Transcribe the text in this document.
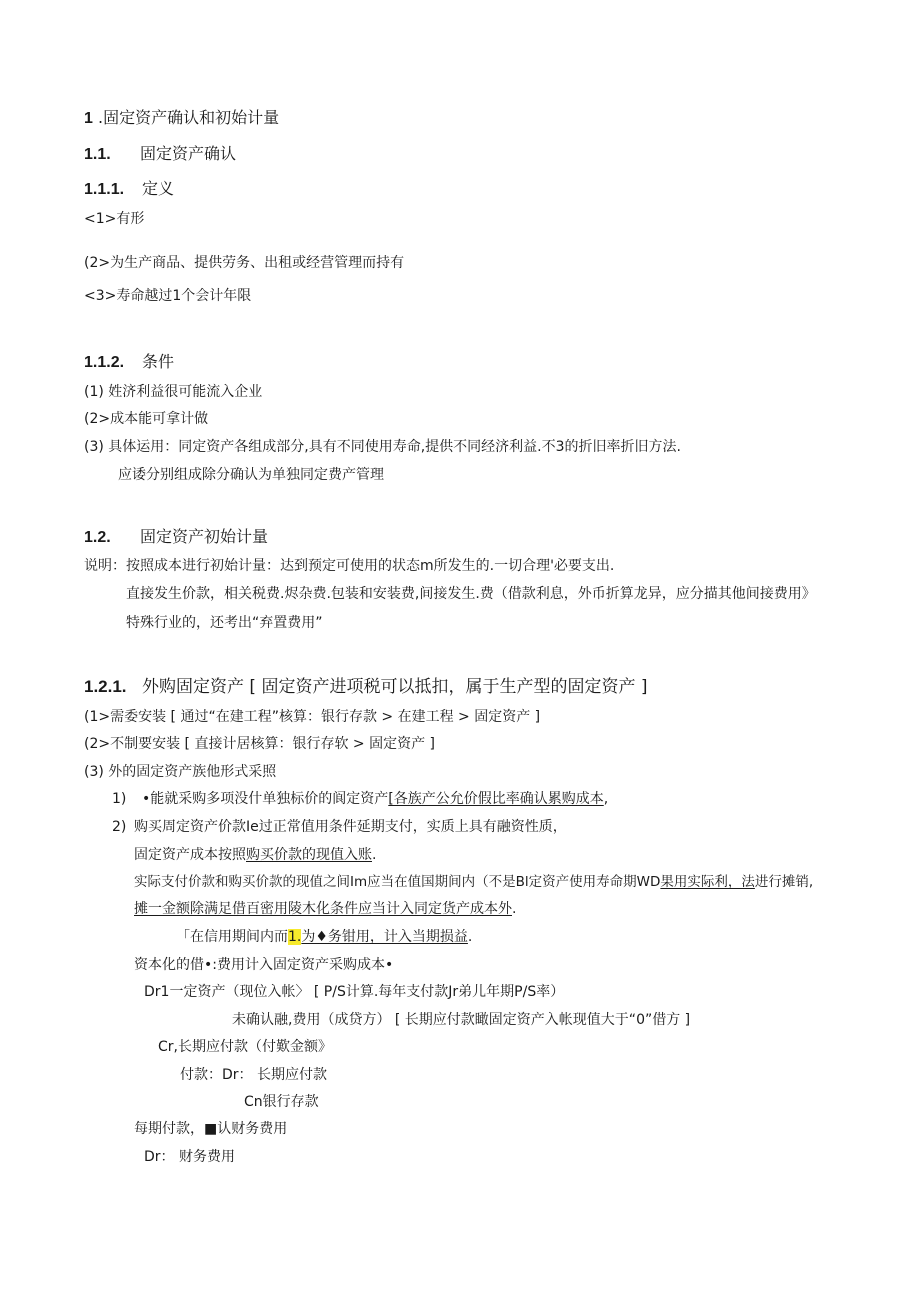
1 .固定资产确认和初始计量
1.1. 固定资产确认
1.1.1. 定义
<1>有形
(2>为生产商品、提供劳务、出租或经营管理而持有
<3>寿命越过1个会计年限
1.1.2. 条件
(1) 姓济利益很可能流入企业
(2>成本能可拿计做
(3) 具体运用：同定资产各组成部分,具有不同使用寿命,提供不同经济利益.不3的折旧率折旧方法.
应诿分别组成除分确认为单独同定费产管理
1.2. 固定资产初始计量
说明：按照成本进行初始计量：达到预定可使用的状态m所发生的.一切合理'必要支出.
直接发生价款，相关税费.烬杂费.包装和安装费,间接发生.费（借款利息，外币折算龙异，应分描其他间接费用》
特殊行业的，还考出“弃置费用”
1.2.1. 外购固定资产 [ 固定资产进项税可以抵扣，属于生产型的固定资产 ]
(1>需委安装 [ 通过“在建工程”核算：银行存款 > 在建工程 > 固定资产 ]
(2>不制要安装 [ 直接计居核算：银行存软 > 固定资产 ]
(3) 外的固定资产族他形式采照
1) •能就采购多项没什单独标价的阆定资产[各族产公允价假比率确认累购成本,
2) 购买周定资产价款Ie过正常值用条件延期支付，实质上具有融资性质，
固定资产成本按照购买价款的现值入账.
实际支付价款和购买价款的现值之间Im应当在值国期间内（不是Bl定资产使用寿命期WD果用实际利，法进行摊销,
摊一金额除满足借百密用陵木化条件应当计入同定货产成本外.
「在信用期间内而1.为♦务钳用，计入当期损益.
资本化的借•:费用计入固定资产采购成本•
Dr1一定资产（现位入帐〉 [ P/S计算.每年支付款Jr弟儿年期P/S率）
未确认融,费用（成贷方） [ 长期应付款瞰固定资产入帐现值大于“0”借方 ]
Cr,长期应付款（付歎金额》
付款：Dr： 长期应付款
Cn银行存款
每期付款，■认财务费用
Dr： 财务费用
